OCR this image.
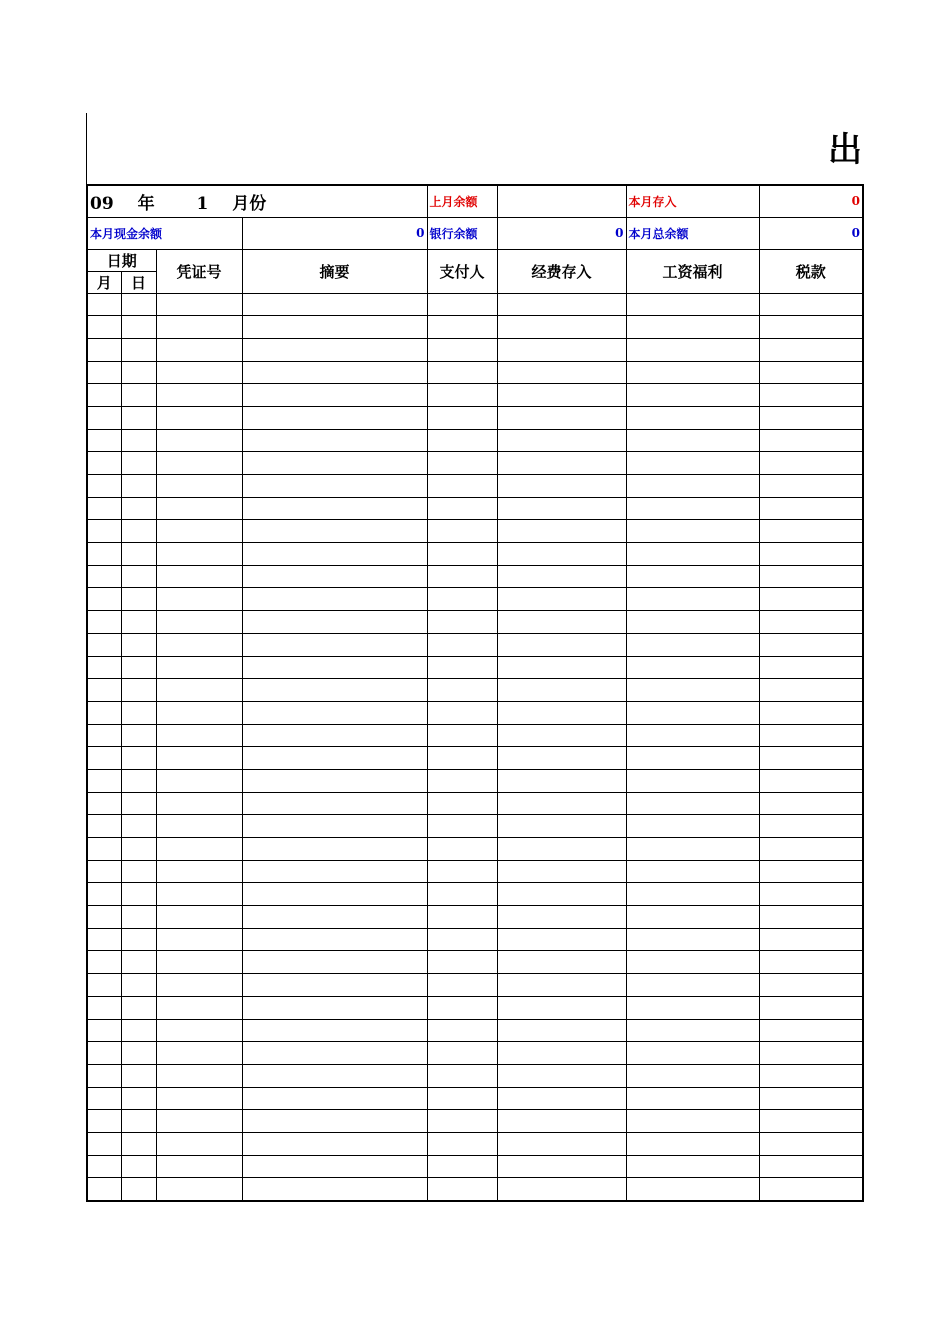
出
09 年 1 月份				上月余额		本月存入	0
本月现金余额			0	银行余额	0	本月总余额	0
日期		凭证号	摘要	支付人	经费存入	工资福利	税款
月	日						
